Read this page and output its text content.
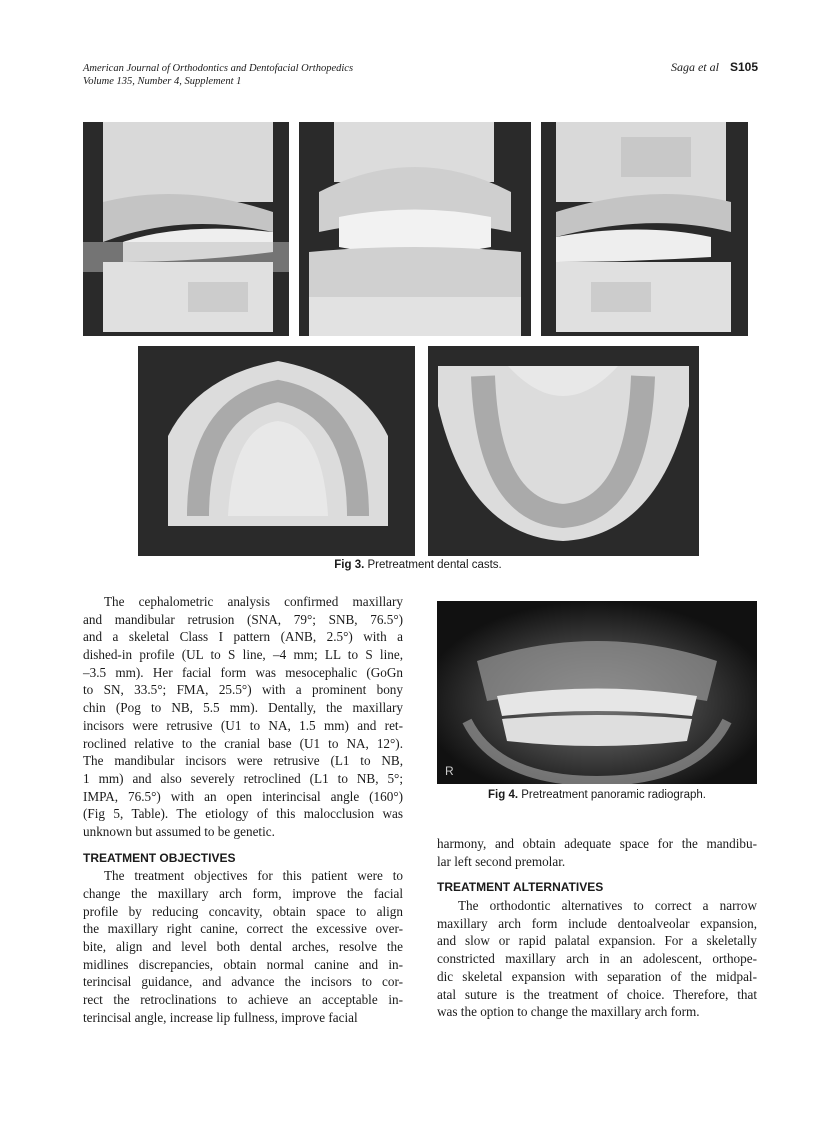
American Journal of Orthodontics and Dentofacial Orthopedics
Volume 135, Number 4, Supplement 1
Saga et al S105
Fig 3. Pretreatment dental casts.
R
Fig 4. Pretreatment panoramic radiograph.
The cephalometric analysis confirmed maxillary
and mandibular retrusion (SNA, 79°; SNB, 76.5°)
and a skeletal Class I pattern (ANB, 2.5°) with a
dished-in profile (UL to S line, –4 mm; LL to S line,
–3.5 mm). Her facial form was mesocephalic (GoGn
to SN, 33.5°; FMA, 25.5°) with a prominent bony
chin (Pog to NB, 5.5 mm). Dentally, the maxillary
incisors were retrusive (U1 to NA, 1.5 mm) and ret-
roclined relative to the cranial base (U1 to NA, 12°).
The mandibular incisors were retrusive (L1 to NB,
1 mm) and also severely retroclined (L1 to NB, 5°;
IMPA, 76.5°) with an open interincisal angle (160°)
(Fig 5, Table). The etiology of this malocclusion was
unknown but assumed to be genetic.
TREATMENT OBJECTIVES
The treatment objectives for this patient were to
change the maxillary arch form, improve the facial
profile by reducing concavity, obtain space to align
the maxillary right canine, correct the excessive over-
bite, align and level both dental arches, resolve the
midlines discrepancies, obtain normal canine and in-
terincisal guidance, and advance the incisors to cor-
rect the retroclinations to achieve an acceptable in-
terincisal angle, increase lip fullness, improve facial
harmony, and obtain adequate space for the mandibu-
lar left second premolar.
TREATMENT ALTERNATIVES
The orthodontic alternatives to correct a narrow
maxillary arch form include dentoalveolar expansion,
and slow or rapid palatal expansion. For a skeletally
constricted maxillary arch in an adolescent, orthope-
dic skeletal expansion with separation of the midpal-
atal suture is the treatment of choice. Therefore, that
was the option to change the maxillary arch form.
